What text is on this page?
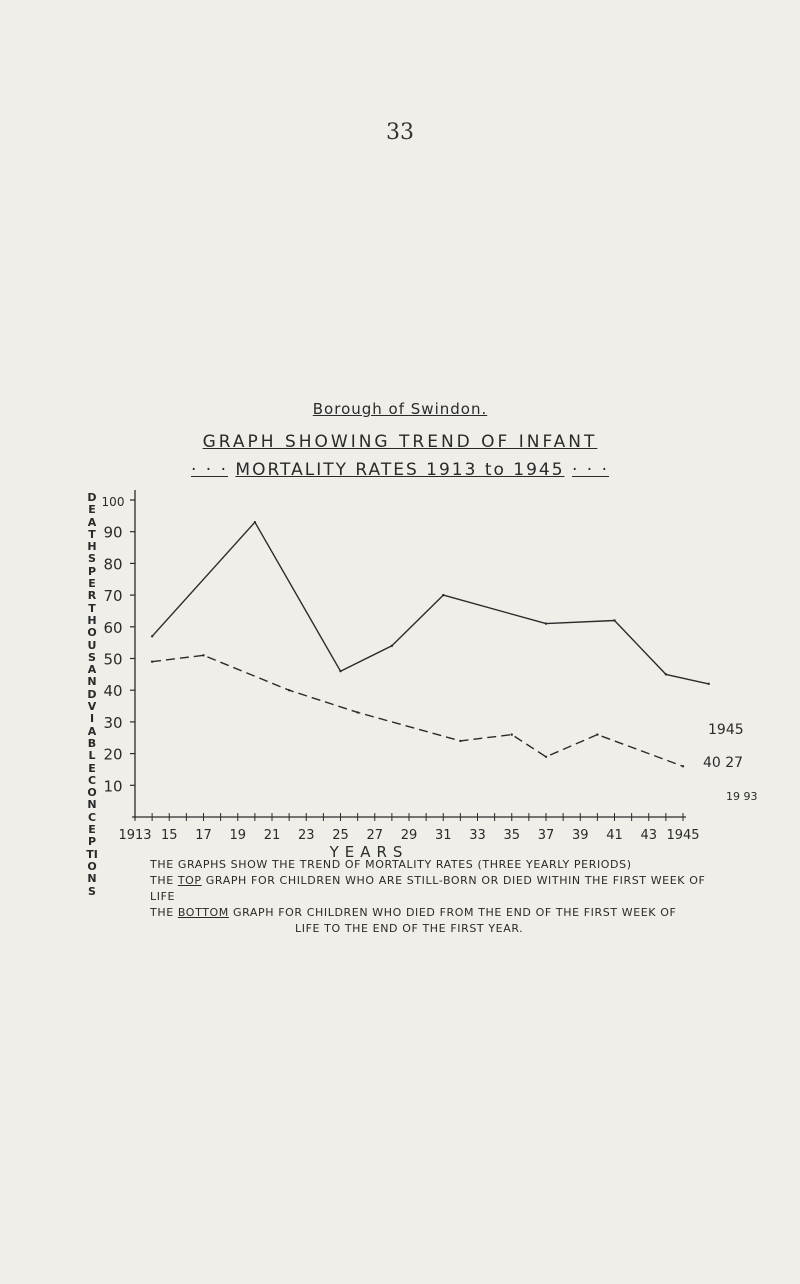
33
Borough of Swindon.
GRAPH SHOWING TREND OF INFANT
· · · MORTALITY RATES 1913 to 1945 · · ·
DEATHS PER THOUSAND VIABLE CONCEPTIONS
10
20
30
40
50
60
70
80
90
100
1913 15 17 19 21 23 25 27 29 31 33 35 37 39 41 43 1945
YEARS
1945
40 27
19 93

THE GRAPHS SHOW THE TREND OF MORTALITY RATES (THREE YEARLY PERIODS)

THE TOP GRAPH FOR CHILDREN WHO ARE STILL-BORN OR DIED WITHIN THE FIRST WEEK OF LIFE

THE BOTTOM GRAPH FOR CHILDREN WHO DIED FROM THE END OF THE FIRST WEEK OF

LIFE TO THE END OF THE FIRST YEAR.
